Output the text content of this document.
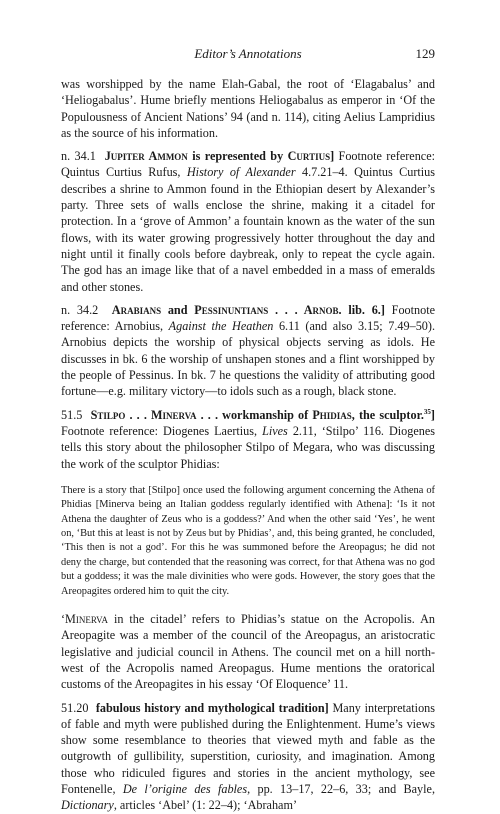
Editor’s Annotations	129

was worshipped by the name Elah-Gabal, the root of ‘Elagabalus’ and ‘Heliogabalus’. Hume briefly mentions Heliogabalus as emperor in ‘Of the Populousness of Ancient Nations’ 94 (and n. 114), citing Aelius Lampridius as the source of his information.

n. 34.1 Jupiter Ammon is represented by Curtius] Footnote reference: Quintus Curtius Rufus, History of Alexander 4.7.21–4. Quintus Curtius describes a shrine to Ammon found in the Ethiopian desert by Alexander’s party. Three sets of walls enclose the shrine, making it a citadel for protection. In a ‘grove of Ammon’ a fountain known as the water of the sun flows, with its water growing progressively hotter throughout the day and night until it finally cools before daybreak, only to repeat the cycle again. The god has an image like that of a navel embedded in a mass of emeralds and other stones.

n. 34.2 Arabians and Pessinuntians . . . Arnob. lib. 6.] Footnote reference: Arnobius, Against the Heathen 6.11 (and also 3.15; 7.49–50). Arnobius depicts the worship of physical objects serving as idols. He discusses in bk. 6 the worship of unshapen stones and a flint worshipped by the people of Pessinus. In bk. 7 he questions the validity of attributing good fortune—e.g. military victory—to idols such as a rough, black stone.

51.5 Stilpo . . . Minerva . . . workmanship of Phidias, the sculptor.$^{35}$] Footnote reference: Diogenes Laertius, Lives 2.11, ‘Stilpo’ 116. Diogenes tells this story about the philosopher Stilpo of Megara, who was discussing the work of the sculptor Phidias:

There is a story that [Stilpo] once used the following argument concerning the Athena of Phidias [Minerva being an Italian goddess regularly identified with Athena]: ‘Is it not Athena the daughter of Zeus who is a goddess?’ And when the other said ‘Yes’, he went on, ‘But this at least is not by Zeus but by Phidias’, and, this being granted, he concluded, ‘This then is not a god’. For this he was summoned before the Areopagus; he did not deny the charge, but contended that the reasoning was correct, for that Athena was no god but a goddess; it was the male divinities who were gods. However, the story goes that the Areopagites ordered him to quit the city.

‘Minerva in the citadel’ refers to Phidias’s statue on the Acropolis. An Areopagite was a member of the council of the Areopagus, an aristocratic legislative and judicial council in Athens. The council met on a hill north-west of the Acropolis named Areopagus. Hume mentions the oratorical customs of the Areopagites in his essay ‘Of Eloquence’ 11.

51.20 fabulous history and mythological tradition] Many interpretations of fable and myth were published during the Enlightenment. Hume’s views show some resemblance to theories that viewed myth and fable as the outgrowth of gullibility, superstition, curiosity, and imagination. Among those who ridiculed figures and stories in the ancient mythology, see Fontenelle, De l’origine des fables, pp. 13–17, 22–6, 33; and Bayle, Dictionary, articles ‘Abel’ (1: 22–4); ‘Abraham’
